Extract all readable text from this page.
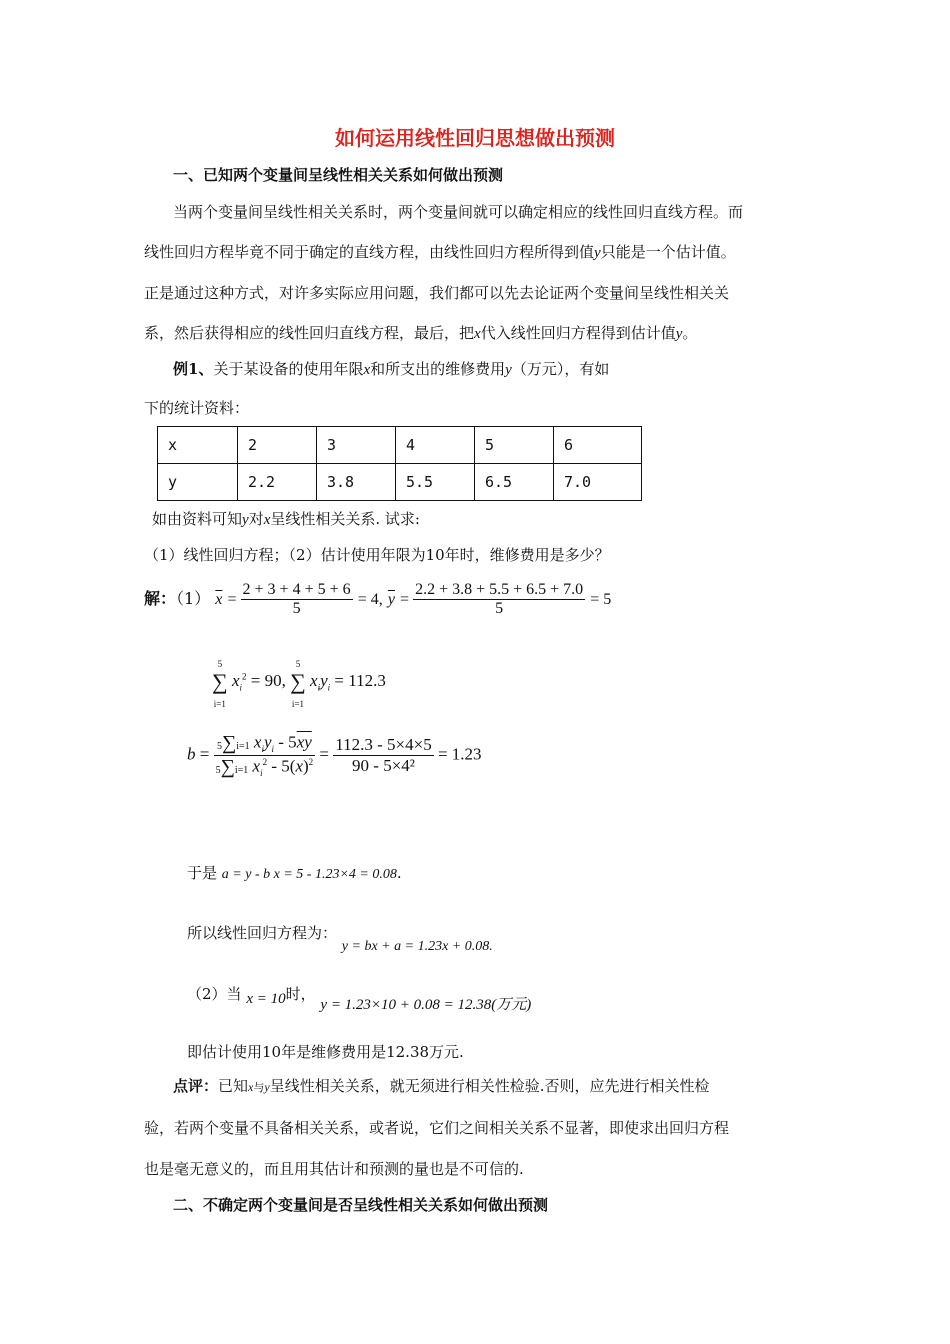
如何运用线性回归思想做出预测
一、已知两个变量间呈线性相关关系如何做出预测
当两个变量间呈线性相关关系时，两个变量间就可以确定相应的线性回归直线方程。而
线性回归方程毕竟不同于确定的直线方程，由线性回归方程所得到值y只能是一个估计值。
正是通过这种方式，对许多实际应用问题，我们都可以先去论证两个变量间呈线性相关关
系，然后获得相应的线性回归直线方程，最后，把x代入线性回归方程得到估计值y。
例1、关于某设备的使用年限x和所支出的维修费用y（万元），有如
下的统计资料：
x	2	3	4	5	6
y	2.2	3.8	5.5	6.5	7.0
如由资料可知y对x呈线性相关关系. 试求:
（1）线性回归方程；（2）估计使用年限为10年时，维修费用是多少？
解：（1） $\overline{x} = \frac{2 + 3 + 4 + 5 + 6}{5} = 4$, $\overline{y} = \frac{2.2 + 3.8 + 5.5 + 6.5 + 7.0}{5} = 5$
5
∑
i=1 $x_i^2 = 90$, 5
∑
i=1 $x_iy_i = 112.3$
$b = \frac{5\sum i=1 x_iy_i - 5\overline{xy}}{5\sum i=1 x_i^2 - 5(\overline{x})^2} = \frac{112.3 - 5\times 4\times 5}{\text{90 - 5×4²}} = 1.23$
于是 a = y - b x = 5 - 1.23×4 = 0.08.
所以线性回归方程为： y = bx + a = 1.23x + 0.08.
（2）当 x = 10时， y = 1.23×10 + 0.08 = 12.38(万元)
即估计使用10年是维修费用是12.38万元.
点评：已知x与y呈线性相关关系，就无须进行相关性检验.否则，应先进行相关性检
验，若两个变量不具备相关关系，或者说，它们之间相关关系不显著，即使求出回归方程
也是毫无意义的，而且用其估计和预测的量也是不可信的.
二、不确定两个变量间是否呈线性相关关系如何做出预测
